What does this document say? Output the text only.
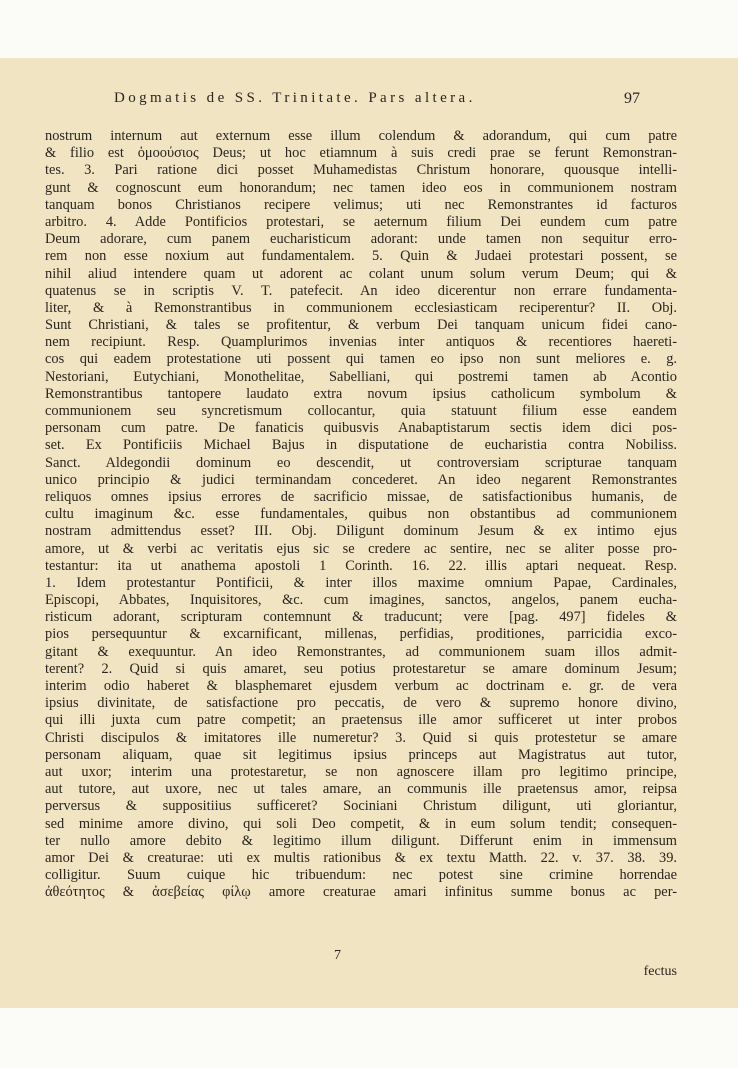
Dogmatis de SS. Trinitate. Pars altera.	97
nostrum internum aut externum esse illum colendum & adorandum, qui cum patre
& filio est ὁμοούσιος Deus; ut hoc etiamnum à suis credi prae se ferunt Remonstran-
tes. 3. Pari ratione dici posset Muhamedistas Christum honorare, quousque intelli-
gunt & cognoscunt eum honorandum; nec tamen ideo eos in communionem nostram
tanquam bonos Christianos recipere velimus; uti nec Remonstrantes id facturos
arbitro. 4. Adde Pontificios protestari, se aeternum filium Dei eundem cum patre
Deum adorare, cum panem eucharisticum adorant: unde tamen non sequitur erro-
rem non esse noxium aut fundamentalem. 5. Quin & Judaei protestari possent, se
nihil aliud intendere quam ut adorent ac colant unum solum verum Deum; qui &
quatenus se in scriptis V. T. patefecit. An ideo dicerentur non errare fundamenta-
liter, & à Remonstrantibus in communionem ecclesiasticam reciperentur? II. Obj.
Sunt Christiani, & tales se profitentur, & verbum Dei tanquam unicum fidei cano-
nem recipiunt. Resp. Quamplurimos invenias inter antiquos & recentiores haereti-
cos qui eadem protestatione uti possent qui tamen eo ipso non sunt meliores e. g.
Nestoriani, Eutychiani, Monothelitae, Sabelliani, qui postremi tamen ab Acontio
Remonstrantibus tantopere laudato extra novum ipsius catholicum symbolum &
communionem seu syncretismum collocantur, quia statuunt filium esse eandem
personam cum patre. De fanaticis quibusvis Anabaptistarum sectis idem dici pos-
set. Ex Pontificiis Michael Bajus in disputatione de eucharistia contra Nobiliss.
Sanct. Aldegondii dominum eo descendit, ut controversiam scripturae tanquam
unico principio & judici terminandam concederet. An ideo negarent Remonstrantes
reliquos omnes ipsius errores de sacrificio missae, de satisfactionibus humanis, de
cultu imaginum &c. esse fundamentales, quibus non obstantibus ad communionem
nostram admittendus esset? III. Obj. Diligunt dominum Jesum & ex intimo ejus
amore, ut & verbi ac veritatis ejus sic se credere ac sentire, nec se aliter posse pro-
testantur: ita ut anathema apostoli 1 Corinth. 16. 22. illis aptari nequeat. Resp.
1. Idem protestantur Pontificii, & inter illos maxime omnium Papae, Cardinales,
Episcopi, Abbates, Inquisitores, &c. cum imagines, sanctos, angelos, panem eucha-
risticum adorant, scripturam contemnunt & traducunt; vere [pag. 497] fideles &
pios persequuntur & excarnificant, millenas, perfidias, proditiones, parricidia exco-
gitant & exequuntur. An ideo Remonstrantes, ad communionem suam illos admit-
terent? 2. Quid si quis amaret, seu potius protestaretur se amare dominum Jesum;
interim odio haberet & blasphemaret ejusdem verbum ac doctrinam e. gr. de vera
ipsius divinitate, de satisfactione pro peccatis, de vero & supremo honore divino,
qui illi juxta cum patre competit; an praetensus ille amor sufficeret ut inter probos
Christi discipulos & imitatores ille numeretur? 3. Quid si quis protestetur se amare
personam aliquam, quae sit legitimus ipsius princeps aut Magistratus aut tutor,
aut uxor; interim una protestaretur, se non agnoscere illam pro legitimo principe,
aut tutore, aut uxore, nec ut tales amare, an communis ille praetensus amor, reipsa
perversus & suppositiius sufficeret? Sociniani Christum diligunt, uti gloriantur,
sed minime amore divino, qui soli Deo competit, & in eum solum tendit; consequen-
ter nullo amore debito & legitimo illum diligunt. Differunt enim in immensum
amor Dei & creaturae: uti ex multis rationibus & ex textu Matth. 22. v. 37. 38. 39.
colligitur. Suum cuique hic tribuendum: nec potest sine crimine horrendae
ἀθεότητος & ἀσεβείας φίλῳ amore creaturae amari infinitus summe bonus ac per-
7
fectus
